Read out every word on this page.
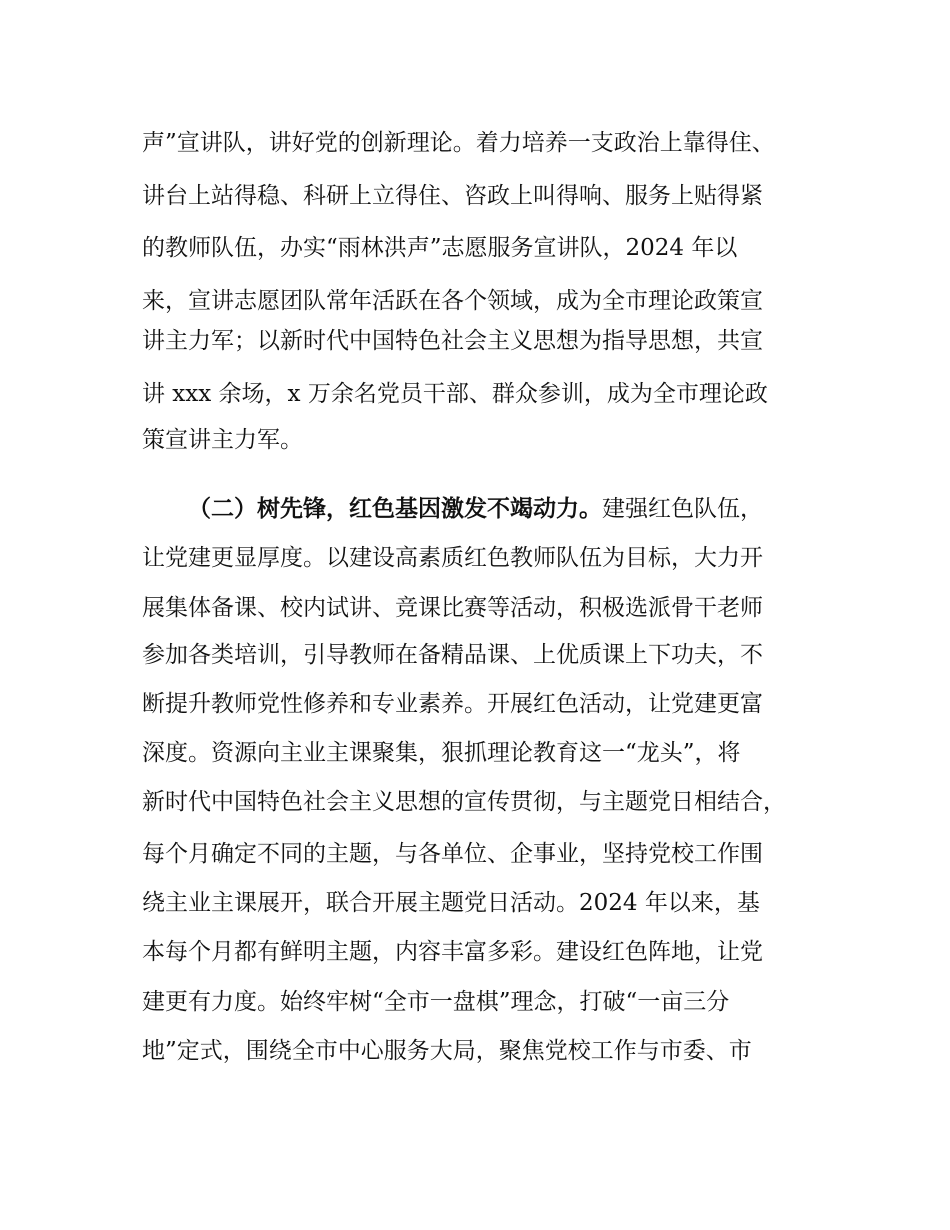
声”宣讲队，讲好党的创新理论。着力培养一支政治上靠得住、

讲台上站得稳、科研上立得住、咨政上叫得响、服务上贴得紧

的教师队伍，办实“雨林洪声”志愿服务宣讲队，2024 年以

来，宣讲志愿团队常年活跃在各个领域，成为全市理论政策宣

讲主力军；以新时代中国特色社会主义思想为指导思想，共宣

讲 xxx 余场，x 万余名党员干部、群众参训，成为全市理论政

策宣讲主力军。

（二）树先锋，红色基因激发不竭动力。建强红色队伍，

让党建更显厚度。以建设高素质红色教师队伍为目标，大力开

展集体备课、校内试讲、竞课比赛等活动，积极选派骨干老师

参加各类培训，引导教师在备精品课、上优质课上下功夫，不

断提升教师党性修养和专业素养。开展红色活动，让党建更富

深度。资源向主业主课聚集，狠抓理论教育这一“龙头”，将

新时代中国特色社会主义思想的宣传贯彻，与主题党日相结合，

每个月确定不同的主题，与各单位、企事业，坚持党校工作围

绕主业主课展开，联合开展主题党日活动。2024 年以来，基

本每个月都有鲜明主题，内容丰富多彩。建设红色阵地，让党

建更有力度。始终牢树“全市一盘棋”理念，打破“一亩三分

地”定式，围绕全市中心服务大局，聚焦党校工作与市委、市
